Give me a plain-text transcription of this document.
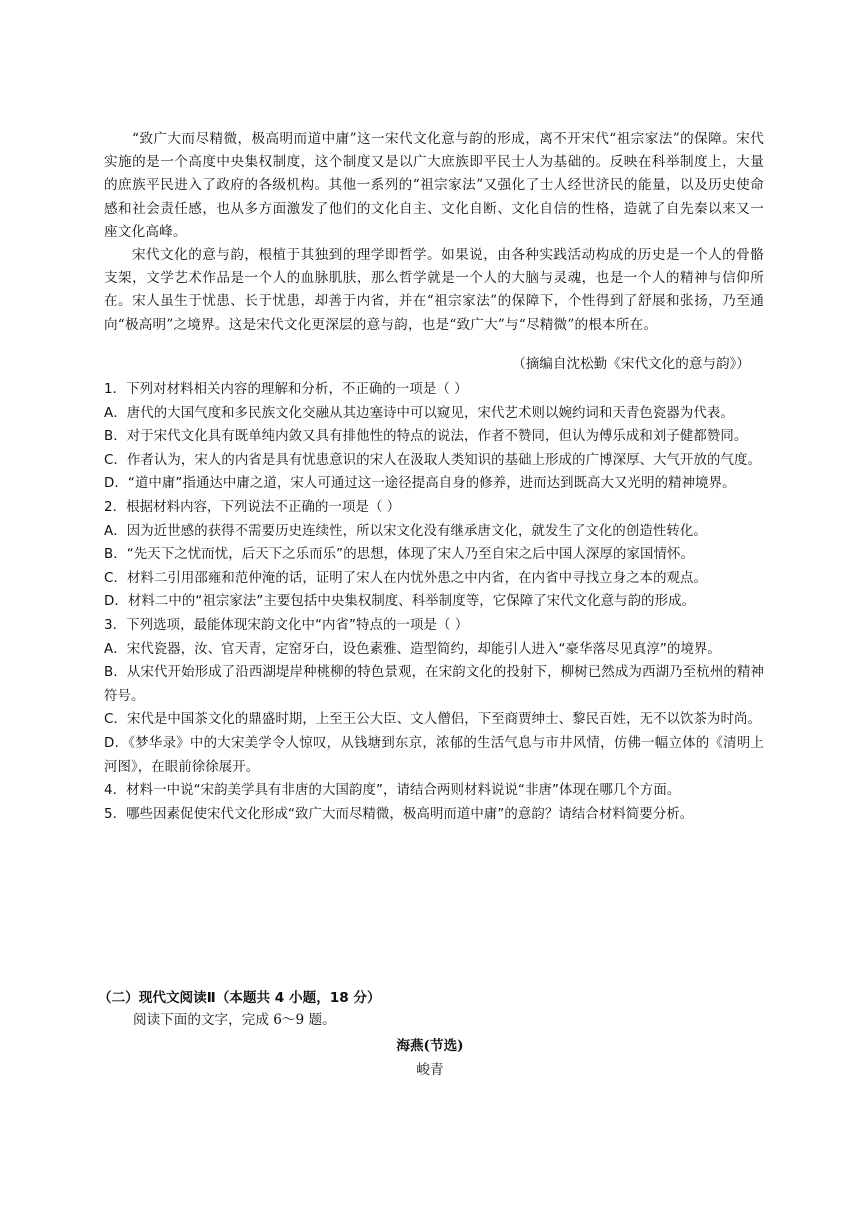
“致广大而尽精微，极高明而道中庸”这一宋代文化意与韵的形成，离不开宋代“祖宗家法”的保障。宋代实施的是一个高度中央集权制度，这个制度又是以广大庶族即平民士人为基础的。反映在科举制度上，大量的庶族平民进入了政府的各级机构。其他一系列的“祖宗家法”又强化了士人经世济民的能量，以及历史使命感和社会责任感，也从多方面激发了他们的文化自主、文化自断、文化自信的性格，造就了自先秦以来又一座文化高峰。

宋代文化的意与韵，根植于其独到的理学即哲学。如果说，由各种实践活动构成的历史是一个人的骨骼支架，文学艺术作品是一个人的血脉肌肤，那么哲学就是一个人的大脑与灵魂，也是一个人的精神与信仰所在。宋人虽生于忧患、长于忧患，却善于内省，并在“祖宗家法”的保障下，个性得到了舒展和张扬，乃至通向“极高明”之境界。这是宋代文化更深层的意与韵，也是“致广大”与“尽精微”的根本所在。

（摘编自沈松勤《宋代文化的意与韵》）

1．下列对材料相关内容的理解和分析，不正确的一项是（ ）

A．唐代的大国气度和多民族文化交融从其边塞诗中可以窥见，宋代艺术则以婉约词和天青色瓷器为代表。

B．对于宋代文化具有既单纯内敛又具有排他性的特点的说法，作者不赞同，但认为傅乐成和刘子健都赞同。

C．作者认为，宋人的内省是具有忧患意识的宋人在汲取人类知识的基础上形成的广博深厚、大气开放的气度。

D．“道中庸”指通达中庸之道，宋人可通过这一途径提高自身的修养，进而达到既高大又光明的精神境界。

2．根据材料内容，下列说法不正确的一项是（ ）

A．因为近世感的获得不需要历史连续性，所以宋文化没有继承唐文化，就发生了文化的创造性转化。

B．“先天下之忧而忧，后天下之乐而乐”的思想，体现了宋人乃至自宋之后中国人深厚的家国情怀。

C．材料二引用邵雍和范仲淹的话，证明了宋人在内忧外患之中内省，在内省中寻找立身之本的观点。

D．材料二中的“祖宗家法”主要包括中央集权制度、科举制度等，它保障了宋代文化意与韵的形成。

3．下列选项，最能体现宋韵文化中“内省”特点的一项是（ ）

A．宋代瓷器，汝、官天青，定窑牙白，设色素雅、造型简约，却能引人进入“豪华落尽见真淳”的境界。

B．从宋代开始形成了沿西湖堤岸种桃柳的特色景观，在宋韵文化的投射下，柳树已然成为西湖乃至杭州的精神符号。

C．宋代是中国茶文化的鼎盛时期，上至王公大臣、文人僧侣，下至商贾绅士、黎民百姓，无不以饮茶为时尚。

D．《梦华录》中的大宋美学令人惊叹，从钱塘到东京，浓郁的生活气息与市井风情，仿佛一幅立体的《清明上河图》，在眼前徐徐展开。

4．材料一中说“宋韵美学具有非唐的大国韵度”，请结合两则材料说说“非唐”体现在哪几个方面。

5．哪些因素促使宋代文化形成“致广大而尽精微，极高明而道中庸”的意韵？请结合材料简要分析。

（二）现代文阅读Ⅱ（本题共 4 小题，18 分）

阅读下面的文字，完成 6～9 题。

海燕(节选)

峻青
